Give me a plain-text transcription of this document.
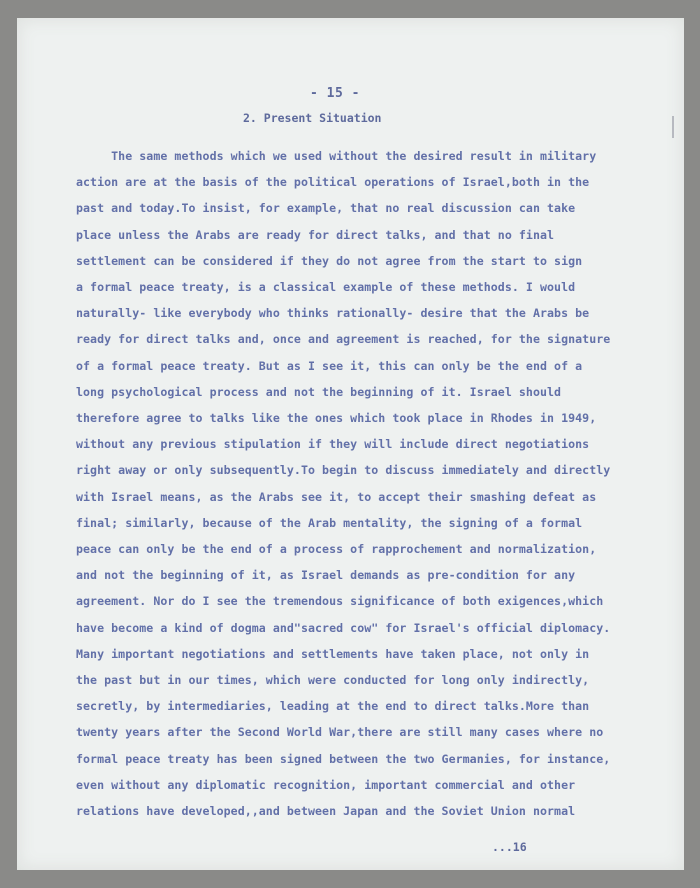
- 15 -
2. Present Situation
The same methods which we used without the desired result in military
action are at the basis of the political operations of Israel,both in the
past and today.To insist, for example, that no real discussion can take
place unless the Arabs are ready for direct talks, and that no final
settlement can be considered if they do not agree from the start to sign
a formal peace treaty, is a classical example of these methods. I would
naturally- like everybody who thinks rationally- desire that the Arabs be
ready for direct talks and, once and agreement is reached, for the signature
of a formal peace treaty. But as I see it, this can only be the end of a
long psychological process and not the beginning of it. Israel should
therefore agree to talks like the ones which took place in Rhodes in 1949,
without any previous stipulation if they will include direct negotiations
right away or only subsequently.To begin to discuss immediately and directly
with Israel means, as the Arabs see it, to accept their smashing defeat as
final; similarly, because of the Arab mentality, the signing of a formal
peace can only be the end of a process of rapprochement and normalization,
and not the beginning of it, as Israel demands as pre-condition for any
agreement. Nor do I see the tremendous significance of both exigences,which
have become a kind of dogma and"sacred cow" for Israel's official diplomacy.
Many important negotiations and settlements have taken place, not only in
the past but in our times, which were conducted for long only indirectly,
secretly, by intermediaries, leading at the end to direct talks.More than
twenty years after the Second World War,there are still many cases where no
formal peace treaty has been signed between the two Germanies, for instance,
even without any diplomatic recognition, important commercial and other
relations have developed,,and between Japan and the Soviet Union normal
...16
